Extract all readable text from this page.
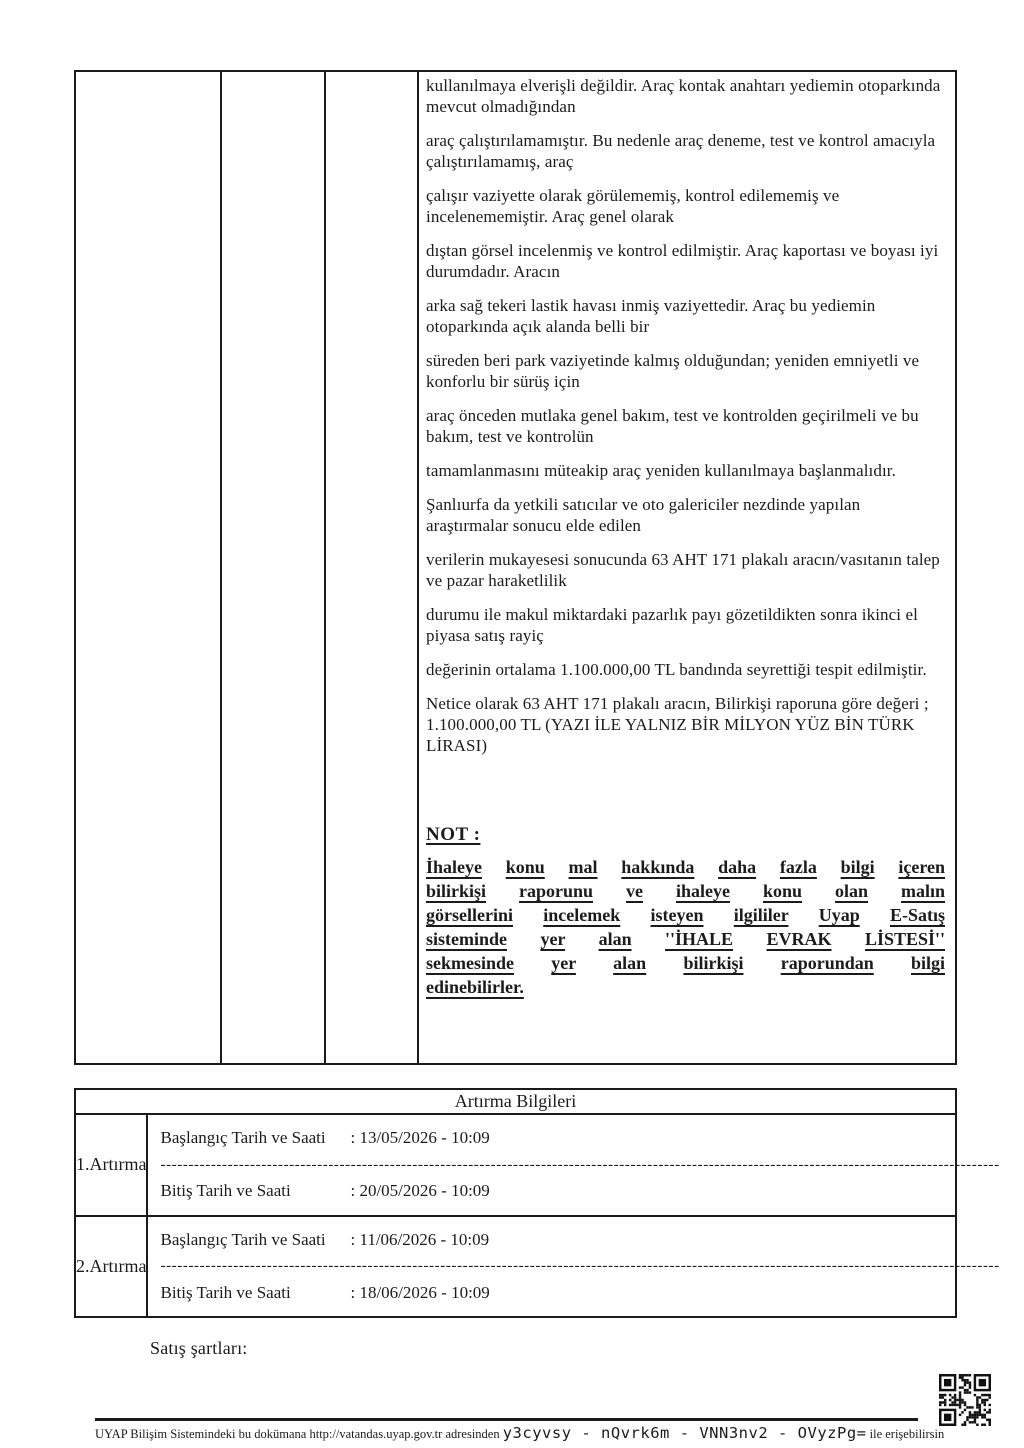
kullanılmaya elverişli değildir. Araç kontak anahtarı yediemin otoparkında mevcut olmadığından

araç çalıştırılamamıştır. Bu nedenle araç deneme, test ve kontrol amacıyla çalıştırılamamış, araç

çalışır vaziyette olarak görülememiş, kontrol edilememiş ve incelenememiştir. Araç genel olarak

dıştan görsel incelenmiş ve kontrol edilmiştir. Araç kaportası ve boyası iyi durumdadır. Aracın

arka sağ tekeri lastik havası inmiş vaziyettedir. Araç bu yediemin otoparkında açık alanda belli bir

süreden beri park vaziyetinde kalmış olduğundan; yeniden emniyetli ve konforlu bir sürüş için

araç önceden mutlaka genel bakım, test ve kontrolden geçirilmeli ve bu bakım, test ve kontrolün

tamamlanmasını müteakip araç yeniden kullanılmaya başlanmalıdır.

Şanlıurfa da yetkili satıcılar ve oto galericiler nezdinde yapılan araştırmalar sonucu elde edilen

verilerin mukayesesi sonucunda 63 AHT 171 plakalı aracın/vasıtanın talep ve pazar haraketlilik

durumu ile makul miktardaki pazarlık payı gözetildikten sonra ikinci el piyasa satış rayiç

değerinin ortalama 1.100.000,00 TL bandında seyrettiği tespit edilmiştir.

Netice olarak 63 AHT 171 plakalı aracın, Bilirkişi raporuna göre değeri ; 1.100.000,00 TL (YAZI İLE YALNIZ BİR MİLYON YÜZ BİN TÜRK LİRASI)

NOT :
İhaleye konu mal hakkında daha fazla bilgi içeren
bilirkişi raporunu ve ihaleye konu olan malın
görsellerini incelemek isteyen ilgililer Uyap E-Satış
sisteminde yer alan ''İHALE EVRAK LİSTESİ''
sekmesinde yer alan bilirkişi raporundan bilgi
edinebilirler.
Artırma Bilgileri
1.Artırma
Başlangıç Tarih ve Saati : 13/05/2026 - 10:09
------------------------------------------------------------------------------------------------------------------------------------------------------
Bitiş Tarih ve Saati	: 20/05/2026 - 10:09
2.Artırma
Başlangıç Tarih ve Saati : 11/06/2026 - 10:09
------------------------------------------------------------------------------------------------------------------------------------------------------
Bitiş Tarih ve Saati	: 18/06/2026 - 10:09
Satış şartları:
UYAP Bilişim Sistemindeki bu dokümana http://vatandas.uyap.gov.tr adresinden y3cyvsy - nQvrk6m - VNN3nv2 - OVyzPg= ile erişebilirsin
